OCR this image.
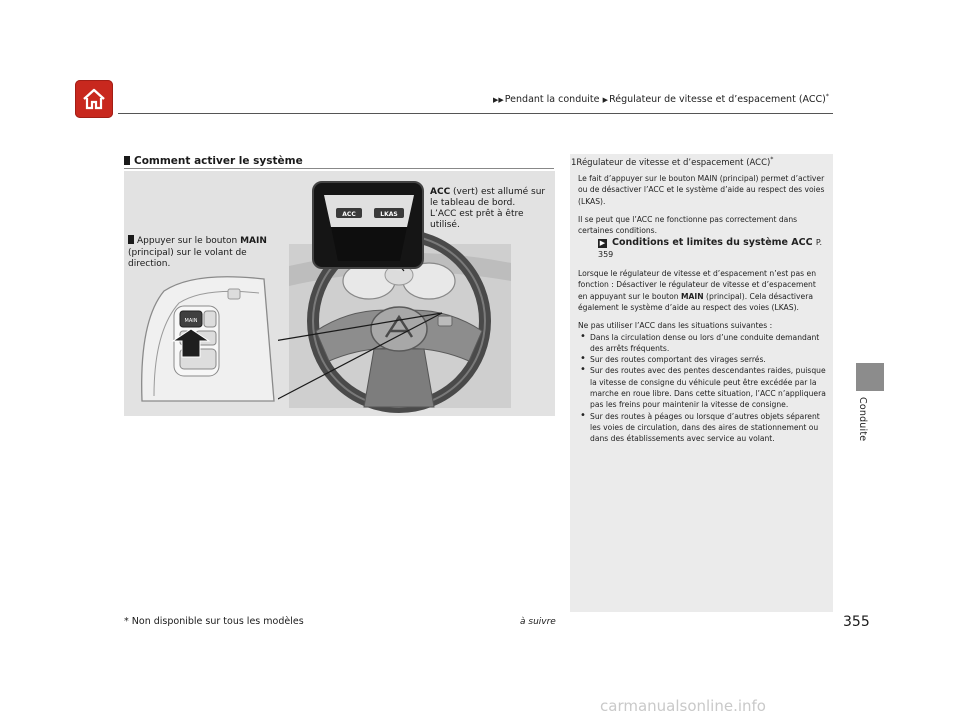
▶▶Pendant la conduite ▶Régulateur de vitesse et d’espacement (ACC)*
Conduite
Comment activer le système
MAIN
ACC	LKAS
Appuyer sur le bouton MAIN (principal) sur le volant de direction.
ACC (vert) est allumé sur le tableau de bord.
L’ACC est prêt à être utilisé.
1Régulateur de vitesse et d’espacement (ACC)*

Le fait d’appuyer sur le bouton MAIN (principal) permet d’activer ou de désactiver l’ACC et le système d’aide au respect des voies (LKAS).

Il se peut que l’ACC ne fonctionne pas correctement dans certaines conditions.

▶ Conditions et limites du système ACC P. 359

Lorsque le régulateur de vitesse et d’espacement n’est pas en fonction : Désactiver le régulateur de vitesse et d’espacement en appuyant sur le bouton MAIN (principal). Cela désactivera également le système d’aide au respect des voies (LKAS).

Ne pas utiliser l’ACC dans les situations suivantes :

• Dans la circulation dense ou lors d’une conduite demandant des arrêts fréquents.
• Sur des routes comportant des virages serrés.
• Sur des routes avec des pentes descendantes raides, puisque la vitesse de consigne du véhicule peut être excédée par la marche en roue libre. Dans cette situation, l’ACC n’appliquera pas les freins pour maintenir la vitesse de consigne.
• Sur des routes à péages ou lorsque d’autres objets séparent les voies de circulation, dans des aires de stationnement ou dans des établissements avec service au volant.
* Non disponible sur tous les modèles	à suivre	355
carmanualsonline.info
